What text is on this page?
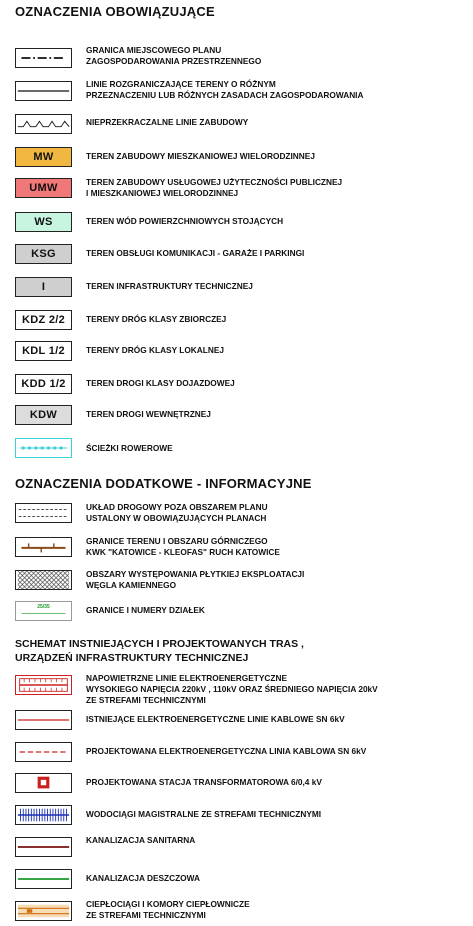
OZNACZENIA OBOWIĄZUJĄCE
GRANICA MIEJSCOWEGO PLANU
ZAGOSPODAROWANIA PRZESTRZENNEGO
LINIE ROZGRANICZAJĄCE TERENY O RÓŻNYM
PRZEZNACZENIU LUB RÓŻNYCH ZASADACH ZAGOSPODAROWANIA
NIEPRZEKRACZALNE LINIE ZABUDOWY
MW	TEREN ZABUDOWY MIESZKANIOWEJ WIELORODZINNEJ
UMW	TEREN ZABUDOWY USŁUGOWEJ UŻYTECZNOŚCI PUBLICZNEJ
I MIESZKANIOWEJ WIELORODZINNEJ
WS	TEREN WÓD POWIERZCHNIOWYCH STOJĄCYCH
KSG	TEREN OBSŁUGI KOMUNIKACJI - GARAŻE I PARKINGI
I	TEREN INFRASTRUKTURY TECHNICZNEJ
KDZ 2/2	TERENY DRÓG KLASY ZBIORCZEJ
KDL 1/2	TERENY DRÓG KLASY LOKALNEJ
KDD 1/2	TEREN DROGI KLASY DOJAZDOWEJ
KDW	TEREN DROGI WEWNĘTRZNEJ
ŚCIEŻKI ROWEROWE
OZNACZENIA DODATKOWE - INFORMACYJNE
UKŁAD DROGOWY POZA OBSZAREM PLANU
USTALONY W OBOWIĄZUJĄCYCH PLANACH
GRANICE TERENU I OBSZARU GÓRNICZEGO
KWK "KATOWICE - KLEOFAS" RUCH KATOWICE
OBSZARY WYSTĘPOWANIA PŁYTKIEJ EKSPLOATACJI
WĘGLA KAMIENNEGO
25/35	GRANICE I NUMERY DZIAŁEK
SCHEMAT INSTNIEJĄCYCH I PROJEKTOWANYCH TRAS ,
URZĄDZEŃ INFRASTRUKTURY TECHNICZNEJ
NAPOWIETRZNE LINIE ELEKTROENERGETYCZNE
WYSOKIEGO NAPIĘCIA 220kV , 110kV ORAZ ŚREDNIEGO NAPIĘCIA 20kV
ZE STREFAMI TECHNICZNYMI
ISTNIEJĄCE ELEKTROENERGETYCZNE LINIE KABLOWE SN 6kV
PROJEKTOWANA ELEKTROENERGETYCZNA LINIA KABLOWA SN 6kV
PROJEKTOWANA STACJA TRANSFORMATOROWA 6/0,4 kV
WODOCIĄGI MAGISTRALNE ZE STREFAMI TECHNICZNYMI
KANALIZACJA SANITARNA
KANALIZACJA DESZCZOWA
CIEPŁOCIĄGI I KOMORY CIEPŁOWNICZE
ZE STREFAMI TECHNICZNYMI
